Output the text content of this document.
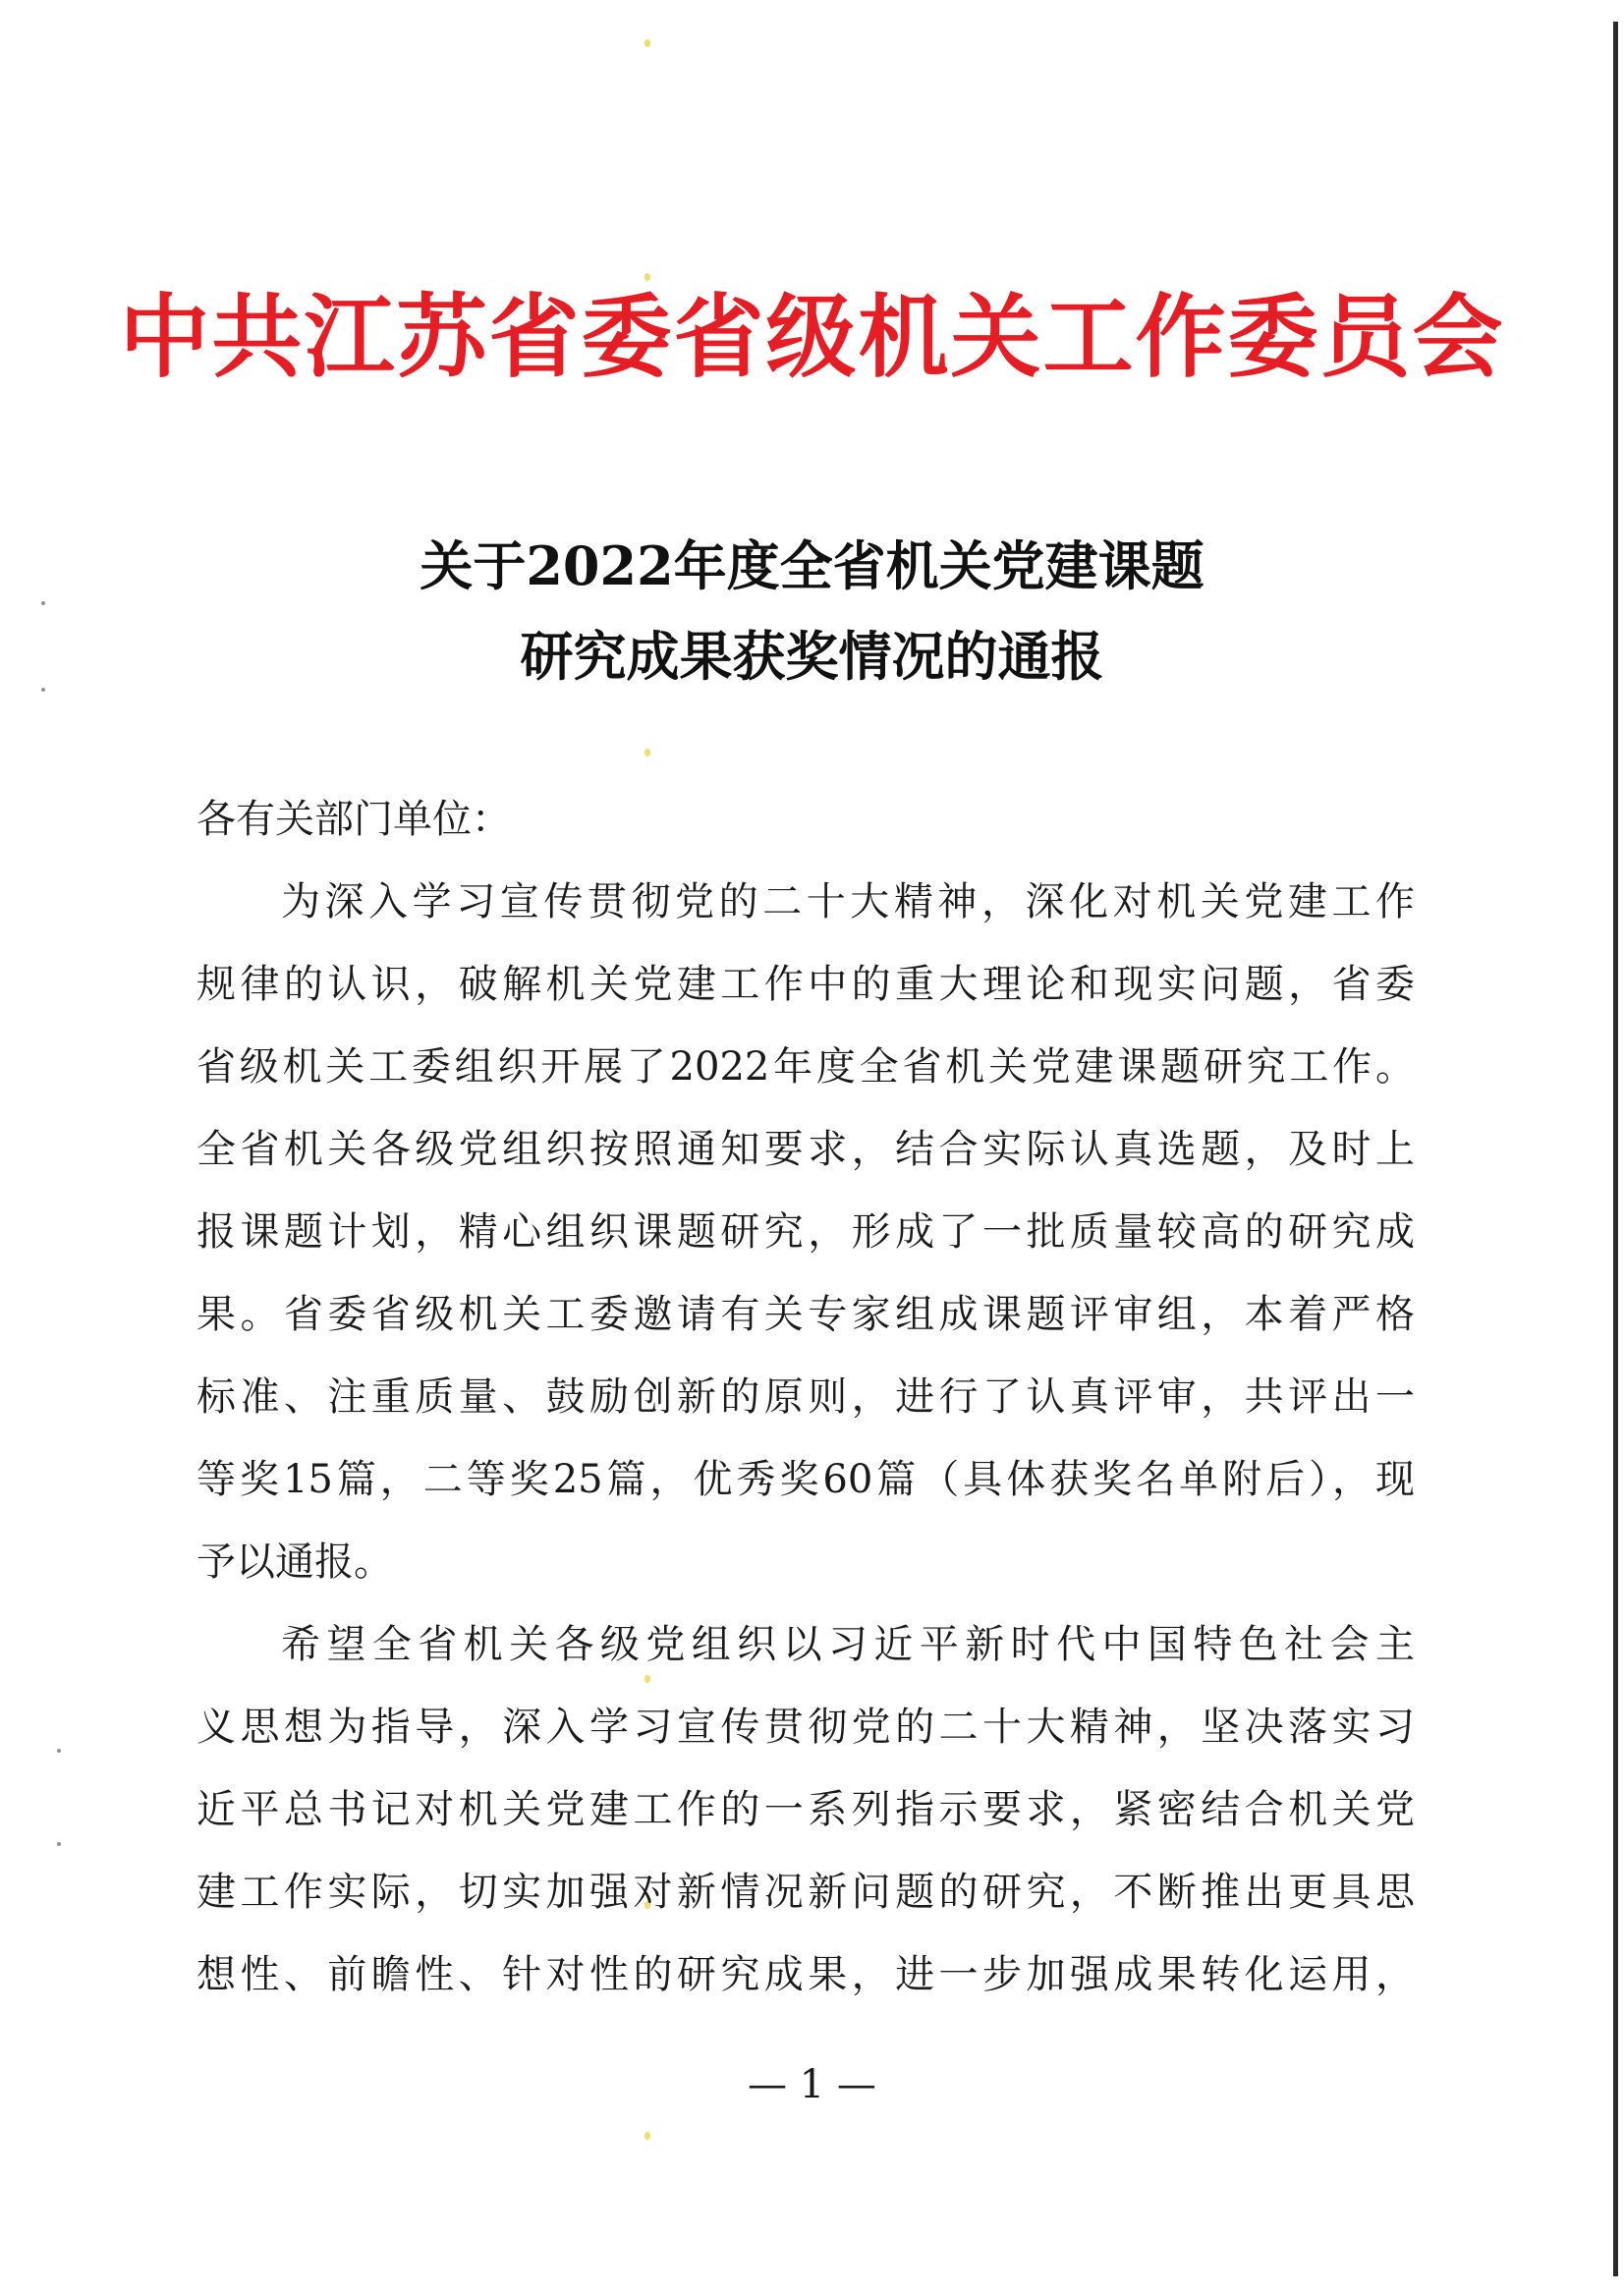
中共江苏省委省级机关工作委员会
关于2022年度全省机关党建课题
研究成果获奖情况的通报
各有关部门单位：
为深入学习宣传贯彻党的二十大精神，深化对机关党建工作
规律的认识，破解机关党建工作中的重大理论和现实问题，省委
省级机关工委组织开展了2022年度全省机关党建课题研究工作。
全省机关各级党组织按照通知要求，结合实际认真选题，及时上
报课题计划，精心组织课题研究，形成了一批质量较高的研究成
果。省委省级机关工委邀请有关专家组成课题评审组，本着严格
标准、注重质量、鼓励创新的原则，进行了认真评审，共评出一
等奖15篇，二等奖25篇，优秀奖60篇（具体获奖名单附后），现
予以通报。
希望全省机关各级党组织以习近平新时代中国特色社会主
义思想为指导，深入学习宣传贯彻党的二十大精神，坚决落实习
近平总书记对机关党建工作的一系列指示要求，紧密结合机关党
建工作实际，切实加强对新情况新问题的研究，不断推出更具思
想性、前瞻性、针对性的研究成果，进一步加强成果转化运用，
— 1 —
